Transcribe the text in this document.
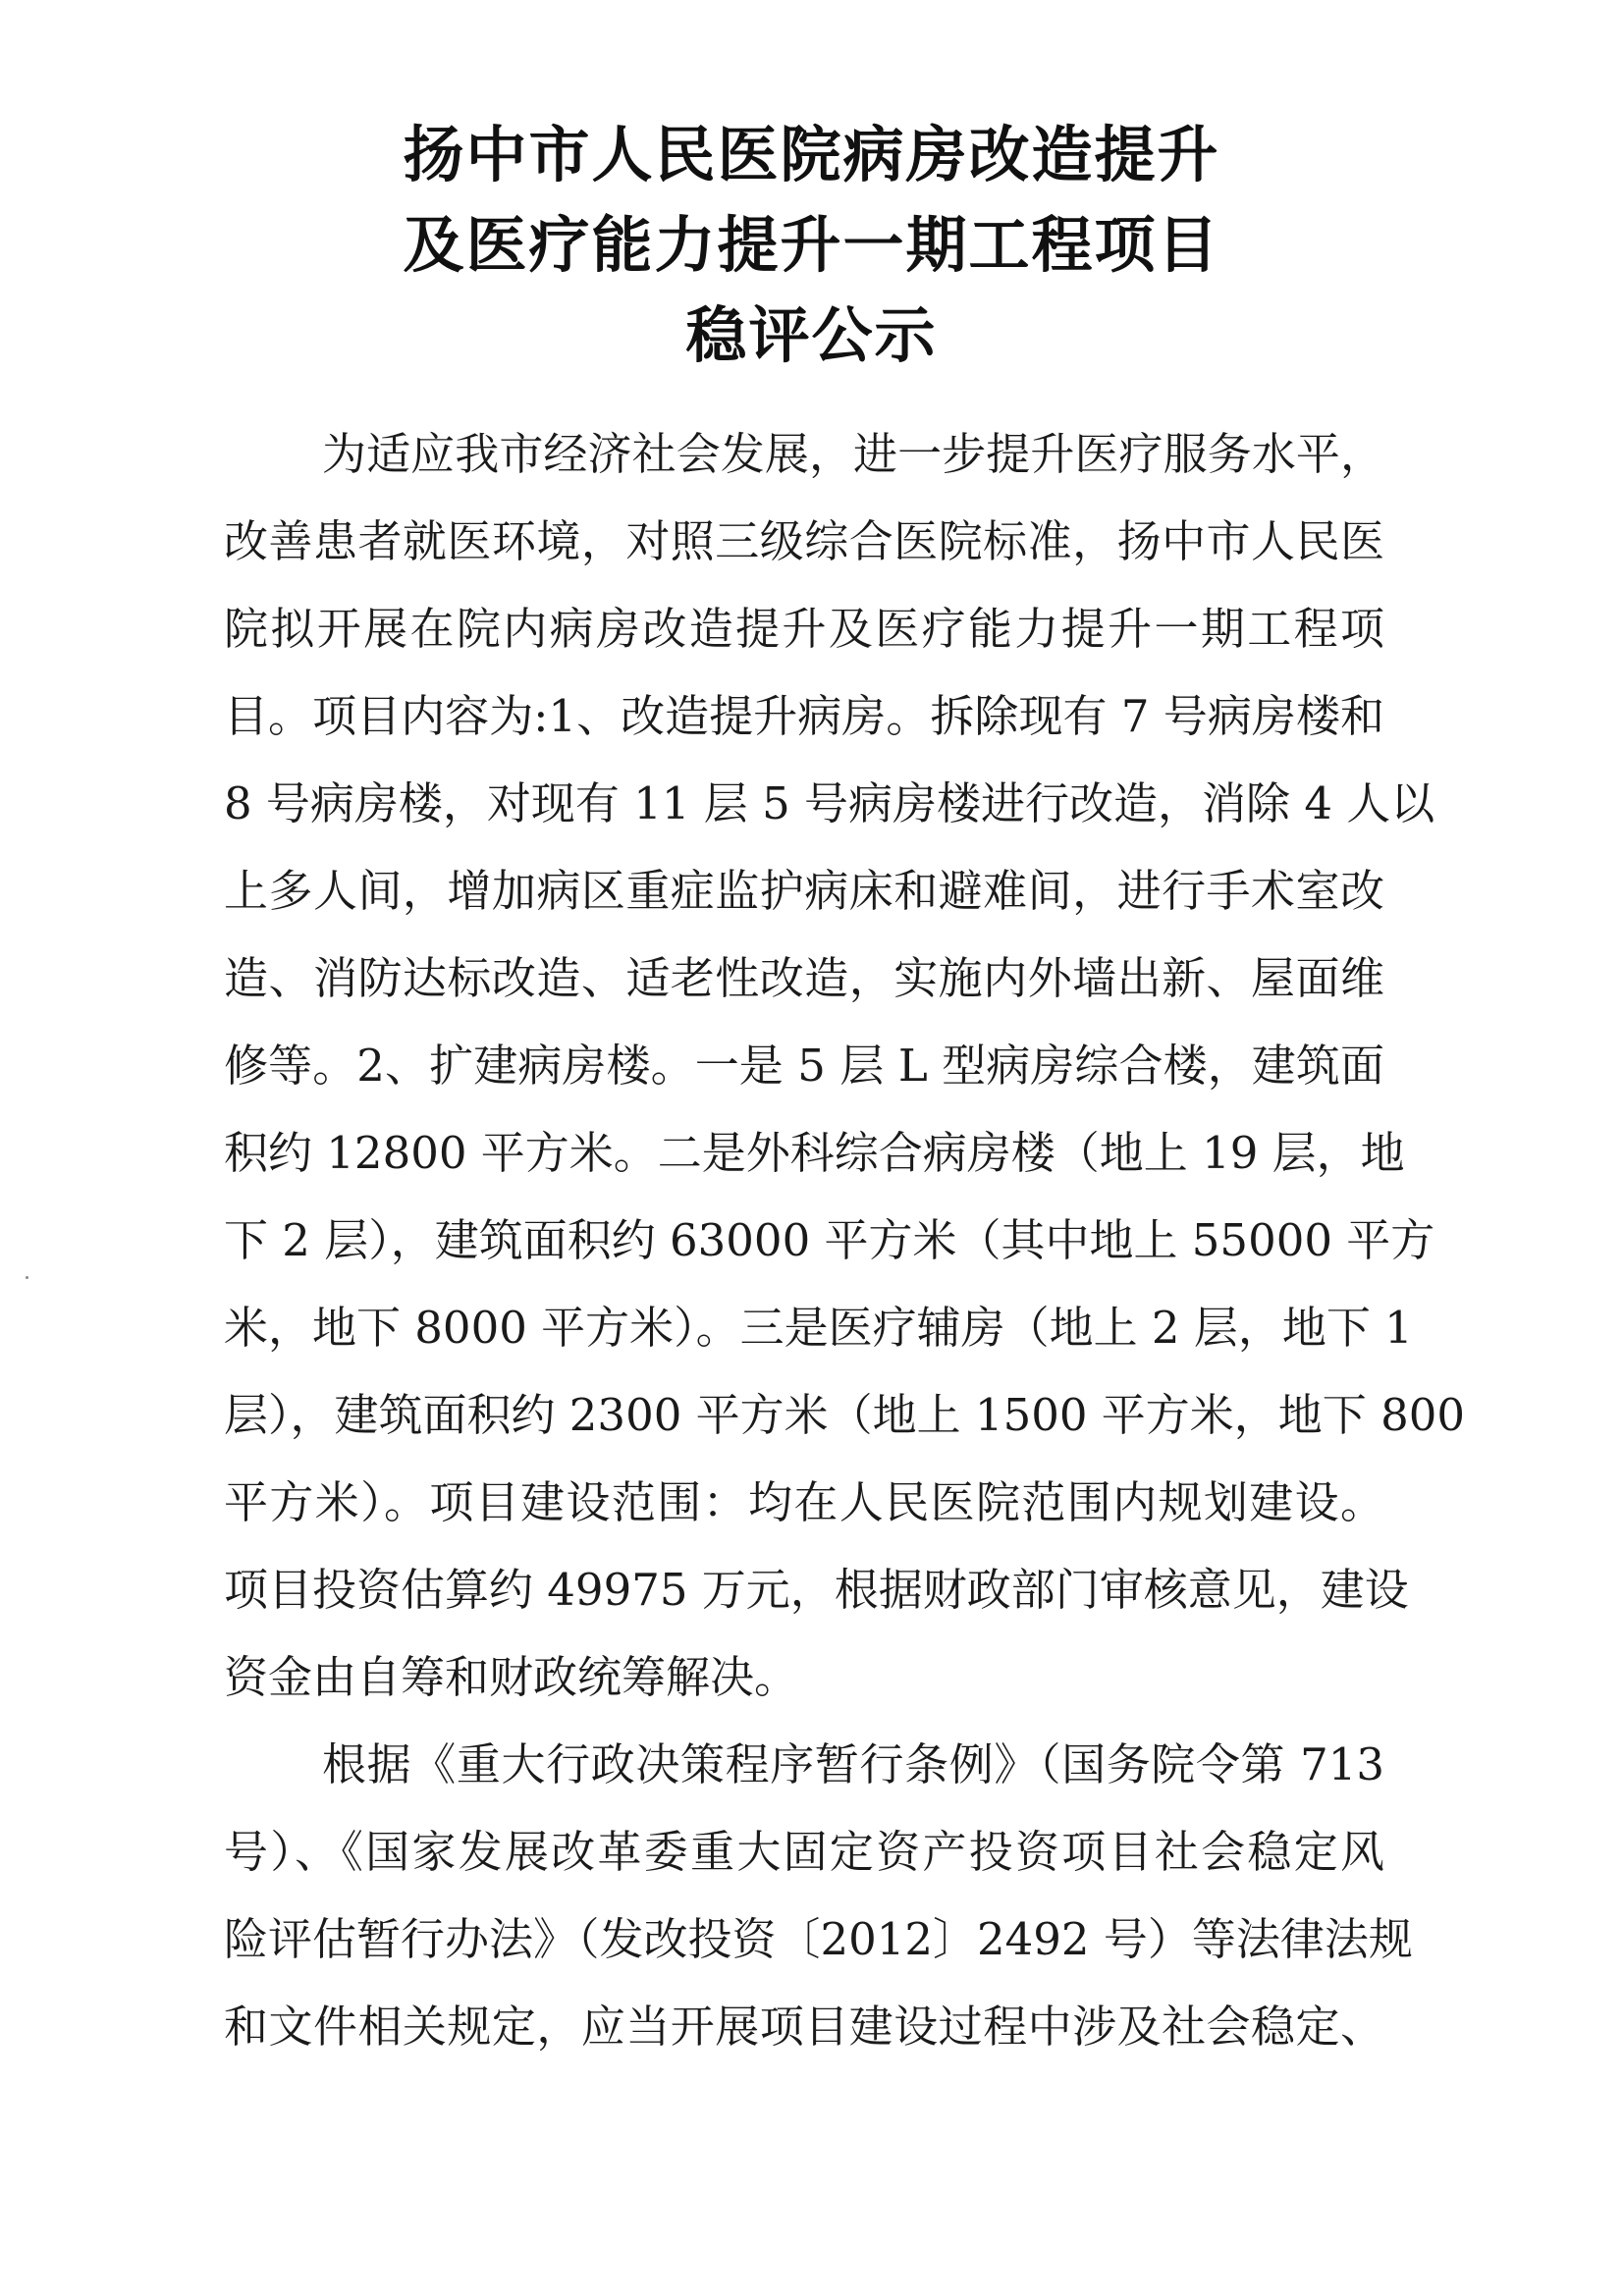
扬中市人民医院病房改造提升
及医疗能力提升一期工程项目
稳评公示
为适应我市经济社会发展，进一步提升医疗服务水平，
改善患者就医环境，对照三级综合医院标准，扬中市人民医
院拟开展在院内病房改造提升及医疗能力提升一期工程项
目。项目内容为:1、改造提升病房。拆除现有 7 号病房楼和
8 号病房楼，对现有 11 层 5 号病房楼进行改造，消除 4 人以
上多人间，增加病区重症监护病床和避难间，进行手术室改
造、消防达标改造、适老性改造，实施内外墙出新、屋面维
修等。2、扩建病房楼。一是 5 层 L 型病房综合楼，建筑面
积约 12800 平方米。二是外科综合病房楼（地上 19 层，地
下 2 层），建筑面积约 63000 平方米（其中地上 55000 平方
米，地下 8000 平方米）。三是医疗辅房（地上 2 层，地下 1
层），建筑面积约 2300 平方米（地上 1500 平方米，地下 800
平方米）。项目建设范围：均在人民医院范围内规划建设。
项目投资估算约 49975 万元，根据财政部门审核意见，建设
资金由自筹和财政统筹解决。
根据《重大行政决策程序暂行条例》（国务院令第 713
号）、《国家发展改革委重大固定资产投资项目社会稳定风
险评估暂行办法》（发改投资〔2012〕2492 号）等法律法规
和文件相关规定，应当开展项目建设过程中涉及社会稳定、
